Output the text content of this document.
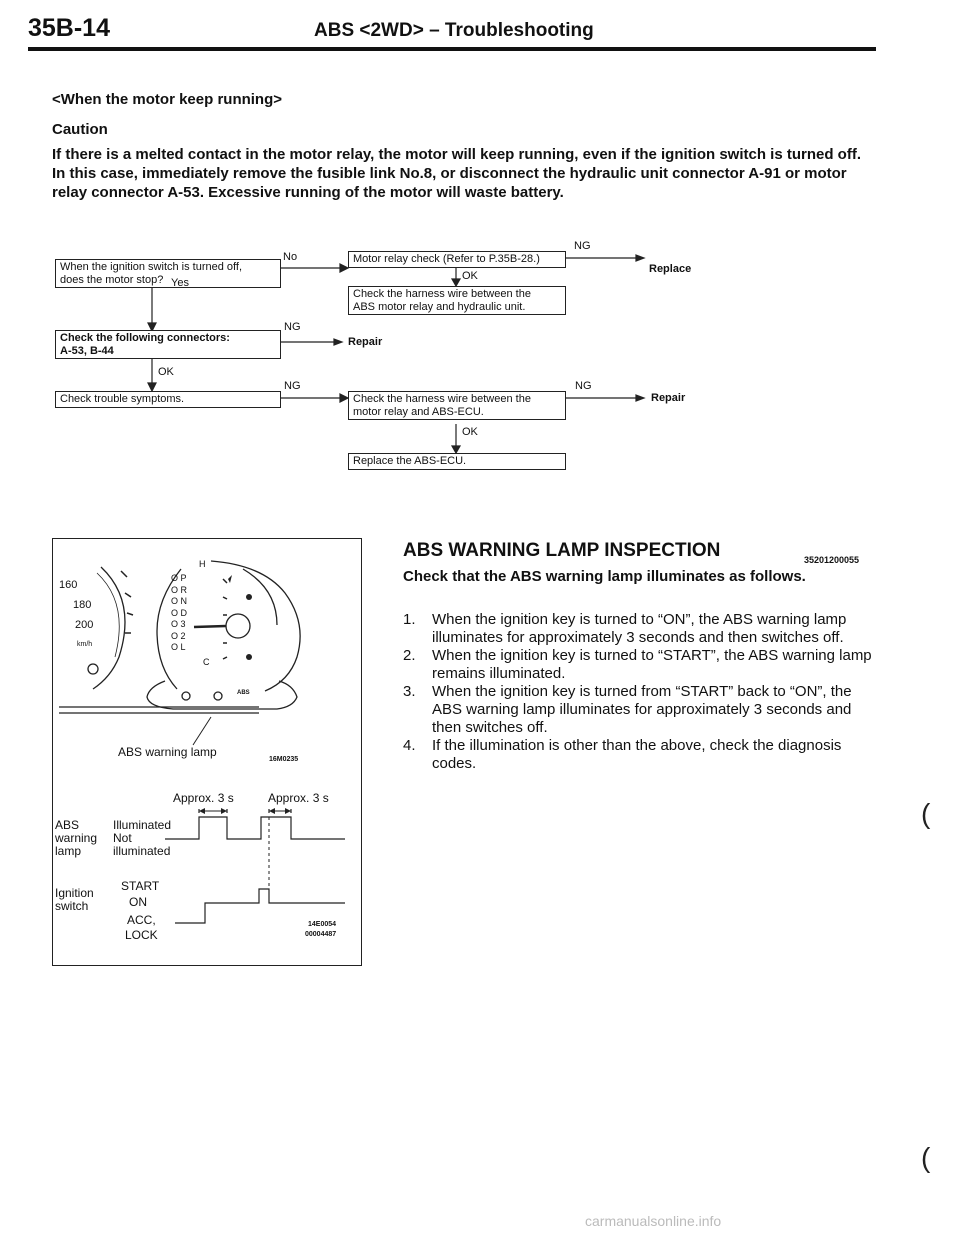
35B-14	ABS <2WD> – Troubleshooting
<When the motor keep running>
Caution
If there is a melted contact in the motor relay, the motor will keep running, even if the ignition switch is turned off. In this case, immediately remove the fusible link No.8, or disconnect the hydraulic unit connector A-91 or motor relay connector A-53. Excessive running of the motor will waste battery.
When the ignition switch is turned off,
does the motor stop?
No
Yes
Motor relay check (Refer to P.35B-28.)
NG
Replace
OK
Check the harness wire between the
ABS motor relay and hydraulic unit.
Check the following connectors:
A-53, B-44
NG
Repair
OK
Check trouble symptoms.
NG
Check the harness wire between the
motor relay and ABS-ECU.
NG
Repair
OK
Replace the ABS-ECU.
160
180
200
km/h
O P
O R
O N
O D
O 3
O 2
O L
H
C
ABS
ABS warning lamp
16M0235
Approx. 3 s	Approx. 3 s
ABS
warning
lamp
Illuminated
Not
illuminated
Ignition
switch
START
ON
ACC,
LOCK
14E0054
00004487
ABS WARNING LAMP INSPECTION	35201200055
Check that the ABS warning lamp illuminates as follows.
1.	When the ignition key is turned to “ON”, the ABS warning lamp illuminates for approximately 3 seconds and then switches off.
2.	When the ignition key is turned to “START”, the ABS warning lamp remains illuminated.
3.	When the ignition key is turned from “START” back to “ON”, the ABS warning lamp illuminates for approximately 3 seconds and then switches off.
4.	If the illumination is other than the above, check the diagnosis codes.
(
(
carmanualsonline.info
